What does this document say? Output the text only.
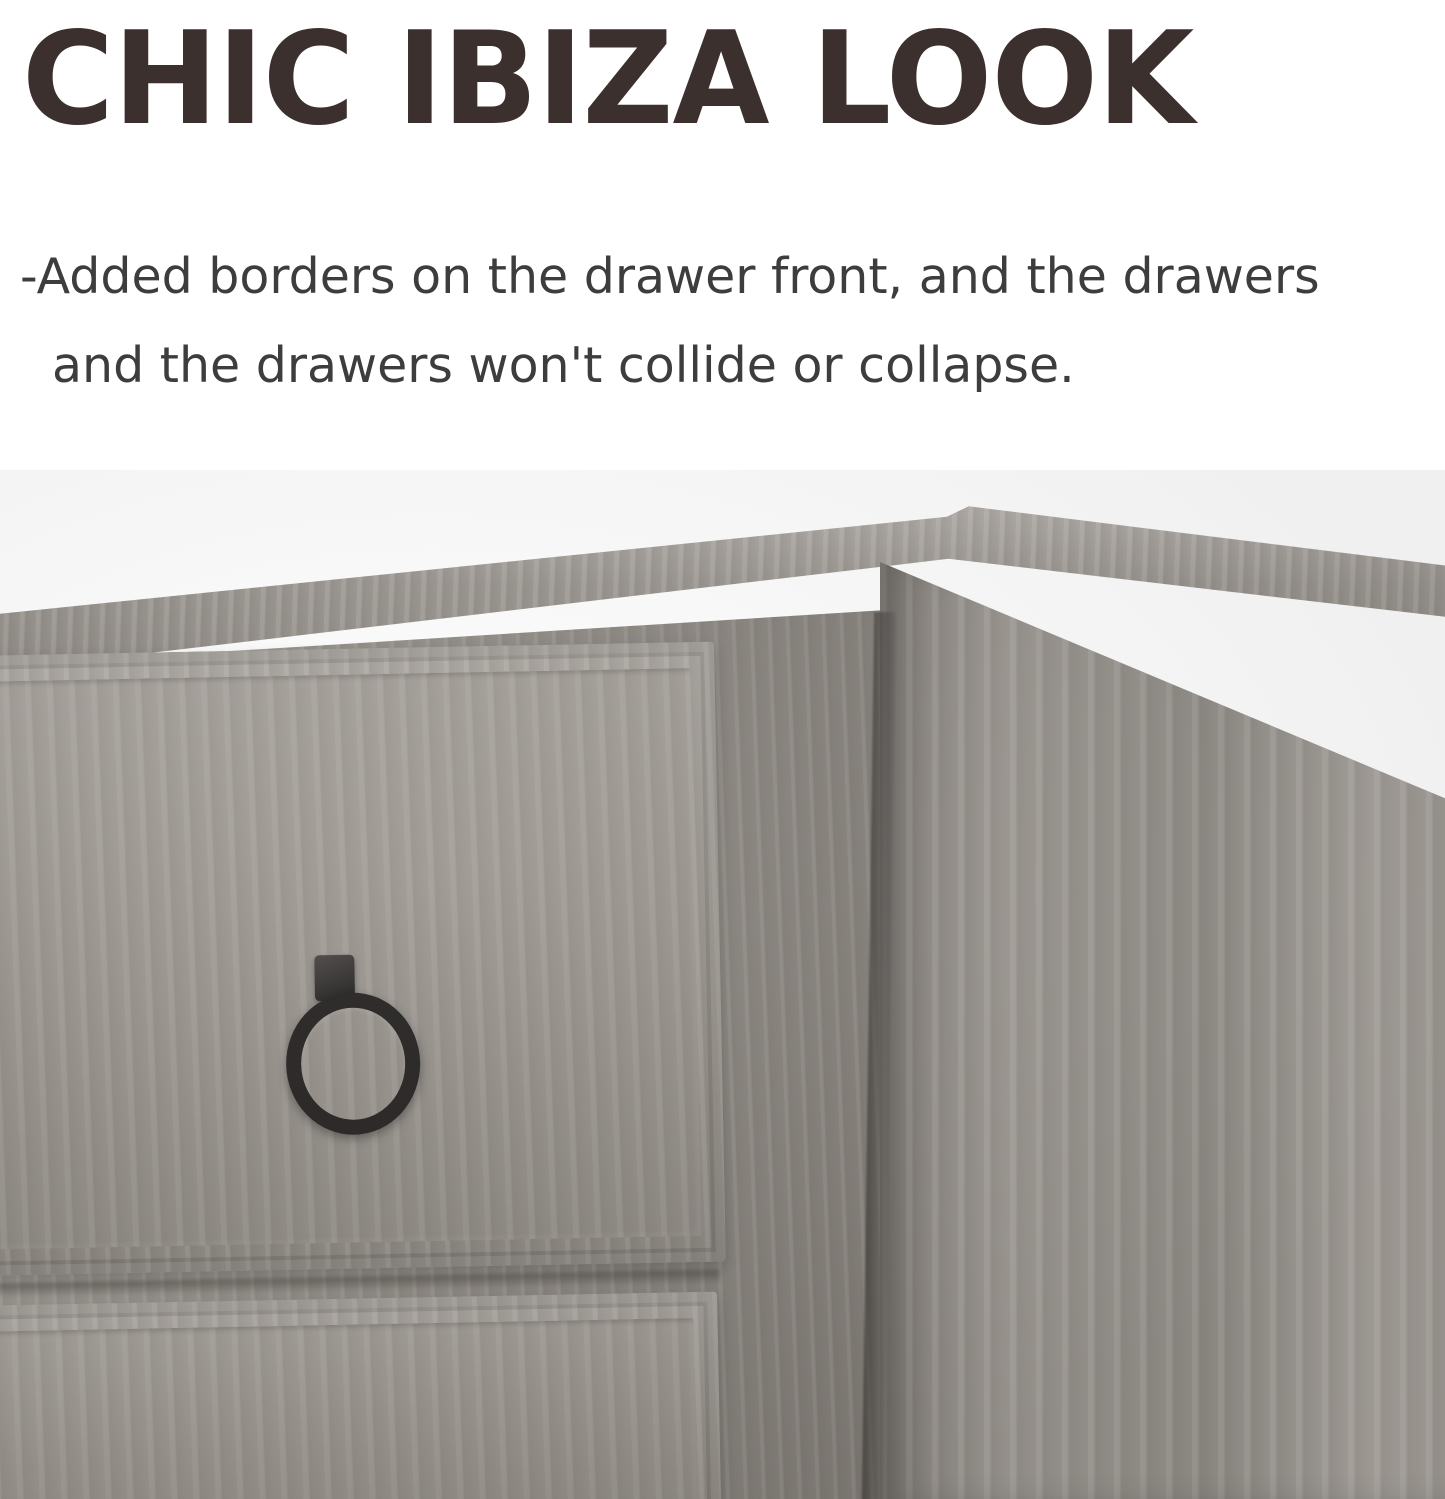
CHIC IBIZA LOOK
-Added borders on the drawer front, and the drawers
and the drawers won't collide or collapse.
